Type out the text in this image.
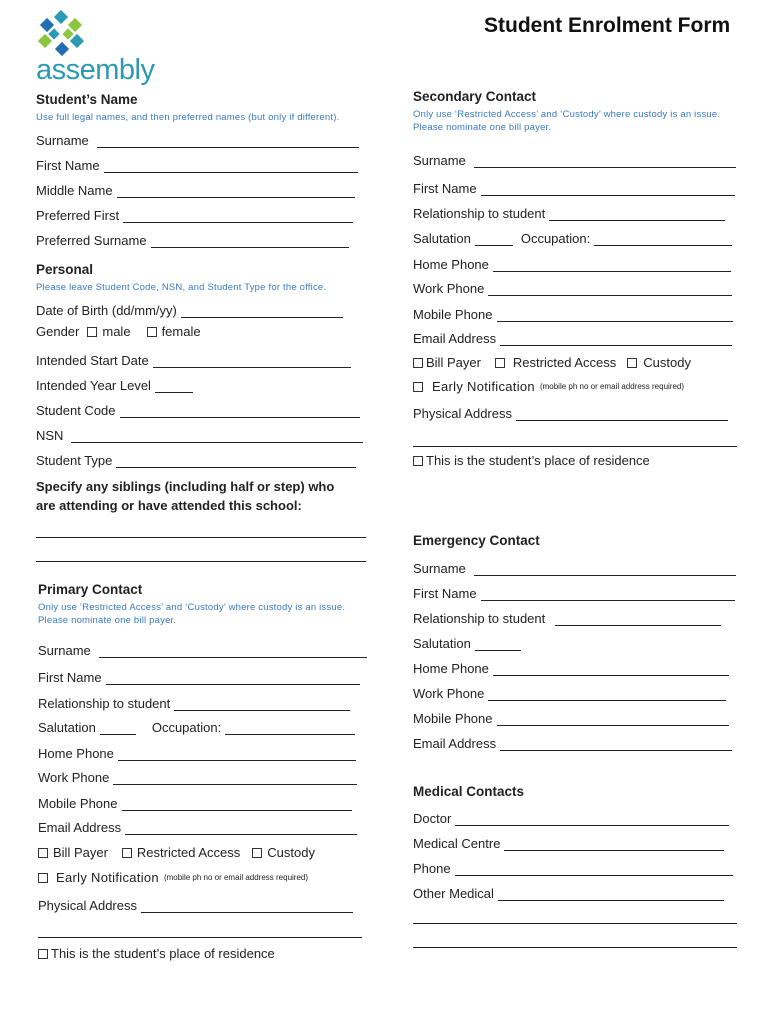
assembly
Student Enrolment Form
Student’s Name
Use full legal names, and then preferred names (but only if different).
Surname
First Name
Middle Name
Preferred First
Preferred Surname
Personal
Please leave Student Code, NSN, and Student Type for the office.
Date of Birth (dd/mm/yy)
Gender male female
Intended Start Date
Intended Year Level
Student Code
NSN
Student Type
Specify any siblings (including half or step) who
are attending or have attended this school:
Primary Contact
Only use ‘Restricted Access’ and ‘Custody’ where custody is an issue.
Please nominate one bill payer.
Surname
First Name
Relationship to student
Salutation	Occupation:
Home Phone
Work Phone
Mobile Phone
Email Address
Bill Payer Restricted Access Custody
Early Notification (mobile ph no or email address required)
Physical Address
This is the student’s place of residence
Secondary Contact
Only use ‘Restricted Access’ and ‘Custody’ where custody is an issue.
Please nominate one bill payer.
Surname
First Name
Relationship to student
Salutation	Occupation:
Home Phone
Work Phone
Mobile Phone
Email Address
Bill Payer Restricted Access Custody
Early Notification (mobile ph no or email address required)
Physical Address
This is the student’s place of residence
Emergency Contact
Surname
First Name
Relationship to student
Salutation
Home Phone
Work Phone
Mobile Phone
Email Address
Medical Contacts
Doctor
Medical Centre
Phone
Other Medical
